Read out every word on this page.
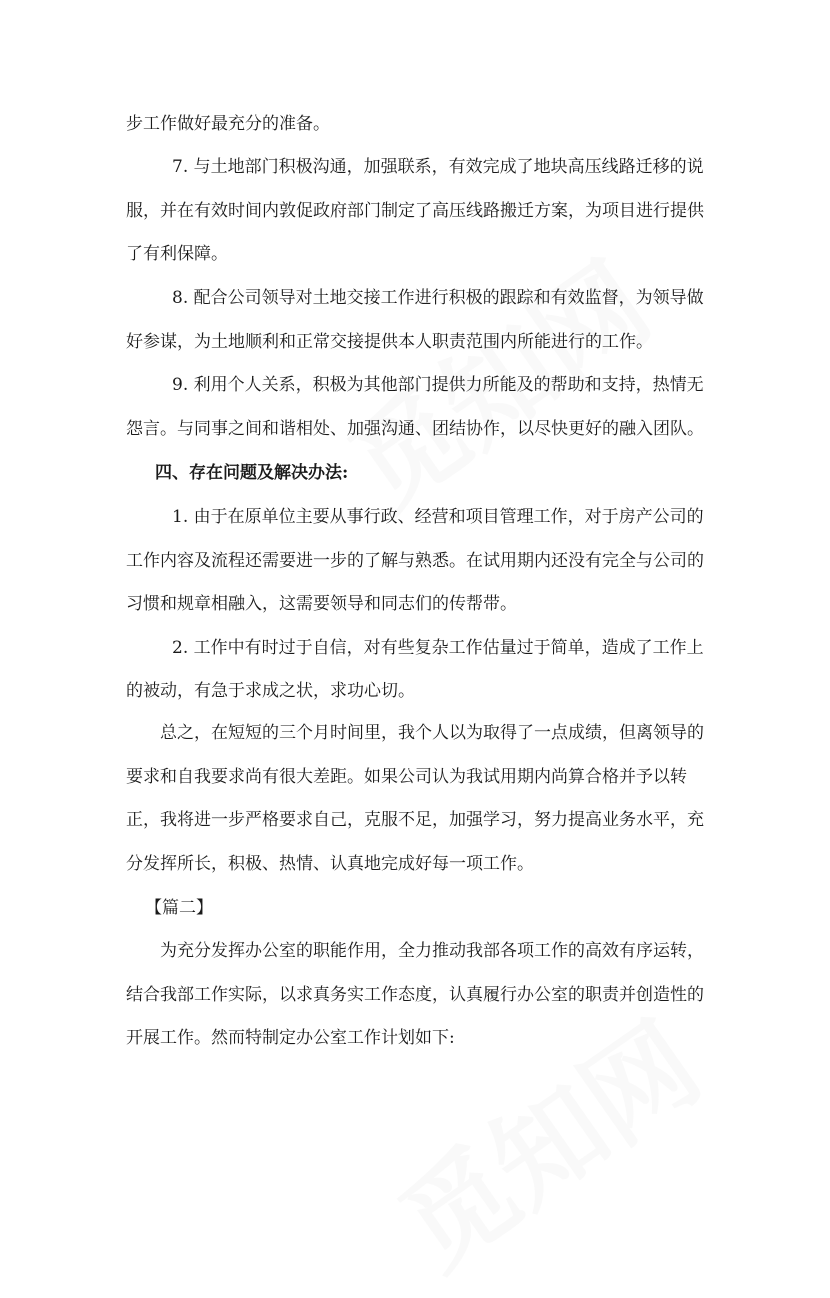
步工作做好最充分的准备。
7. 与土地部门积极沟通，加强联系，有效完成了地块高压线路迁移的说
服，并在有效时间内敦促政府部门制定了高压线路搬迁方案，为项目进行提供
了有利保障。
8. 配合公司领导对土地交接工作进行积极的跟踪和有效监督，为领导做
好参谋，为土地顺利和正常交接提供本人职责范围内所能进行的工作。
9. 利用个人关系，积极为其他部门提供力所能及的帮助和支持，热情无
怨言。与同事之间和谐相处、加强沟通、团结协作，以尽快更好的融入团队。
四、存在问题及解决办法:
1. 由于在原单位主要从事行政、经营和项目管理工作，对于房产公司的
工作内容及流程还需要进一步的了解与熟悉。在试用期内还没有完全与公司的
习惯和规章相融入，这需要领导和同志们的传帮带。
2. 工作中有时过于自信，对有些复杂工作估量过于简单，造成了工作上
的被动，有急于求成之状，求功心切。
总之，在短短的三个月时间里，我个人以为取得了一点成绩，但离领导的
要求和自我要求尚有很大差距。如果公司认为我试用期内尚算合格并予以转
正，我将进一步严格要求自己，克服不足，加强学习，努力提高业务水平，充
分发挥所长，积极、热情、认真地完成好每一项工作。
【篇二】
为充分发挥办公室的职能作用，全力推动我部各项工作的高效有序运转，
结合我部工作实际，以求真务实工作态度，认真履行办公室的职责并创造性的
开展工作。然而特制定办公室工作计划如下:
